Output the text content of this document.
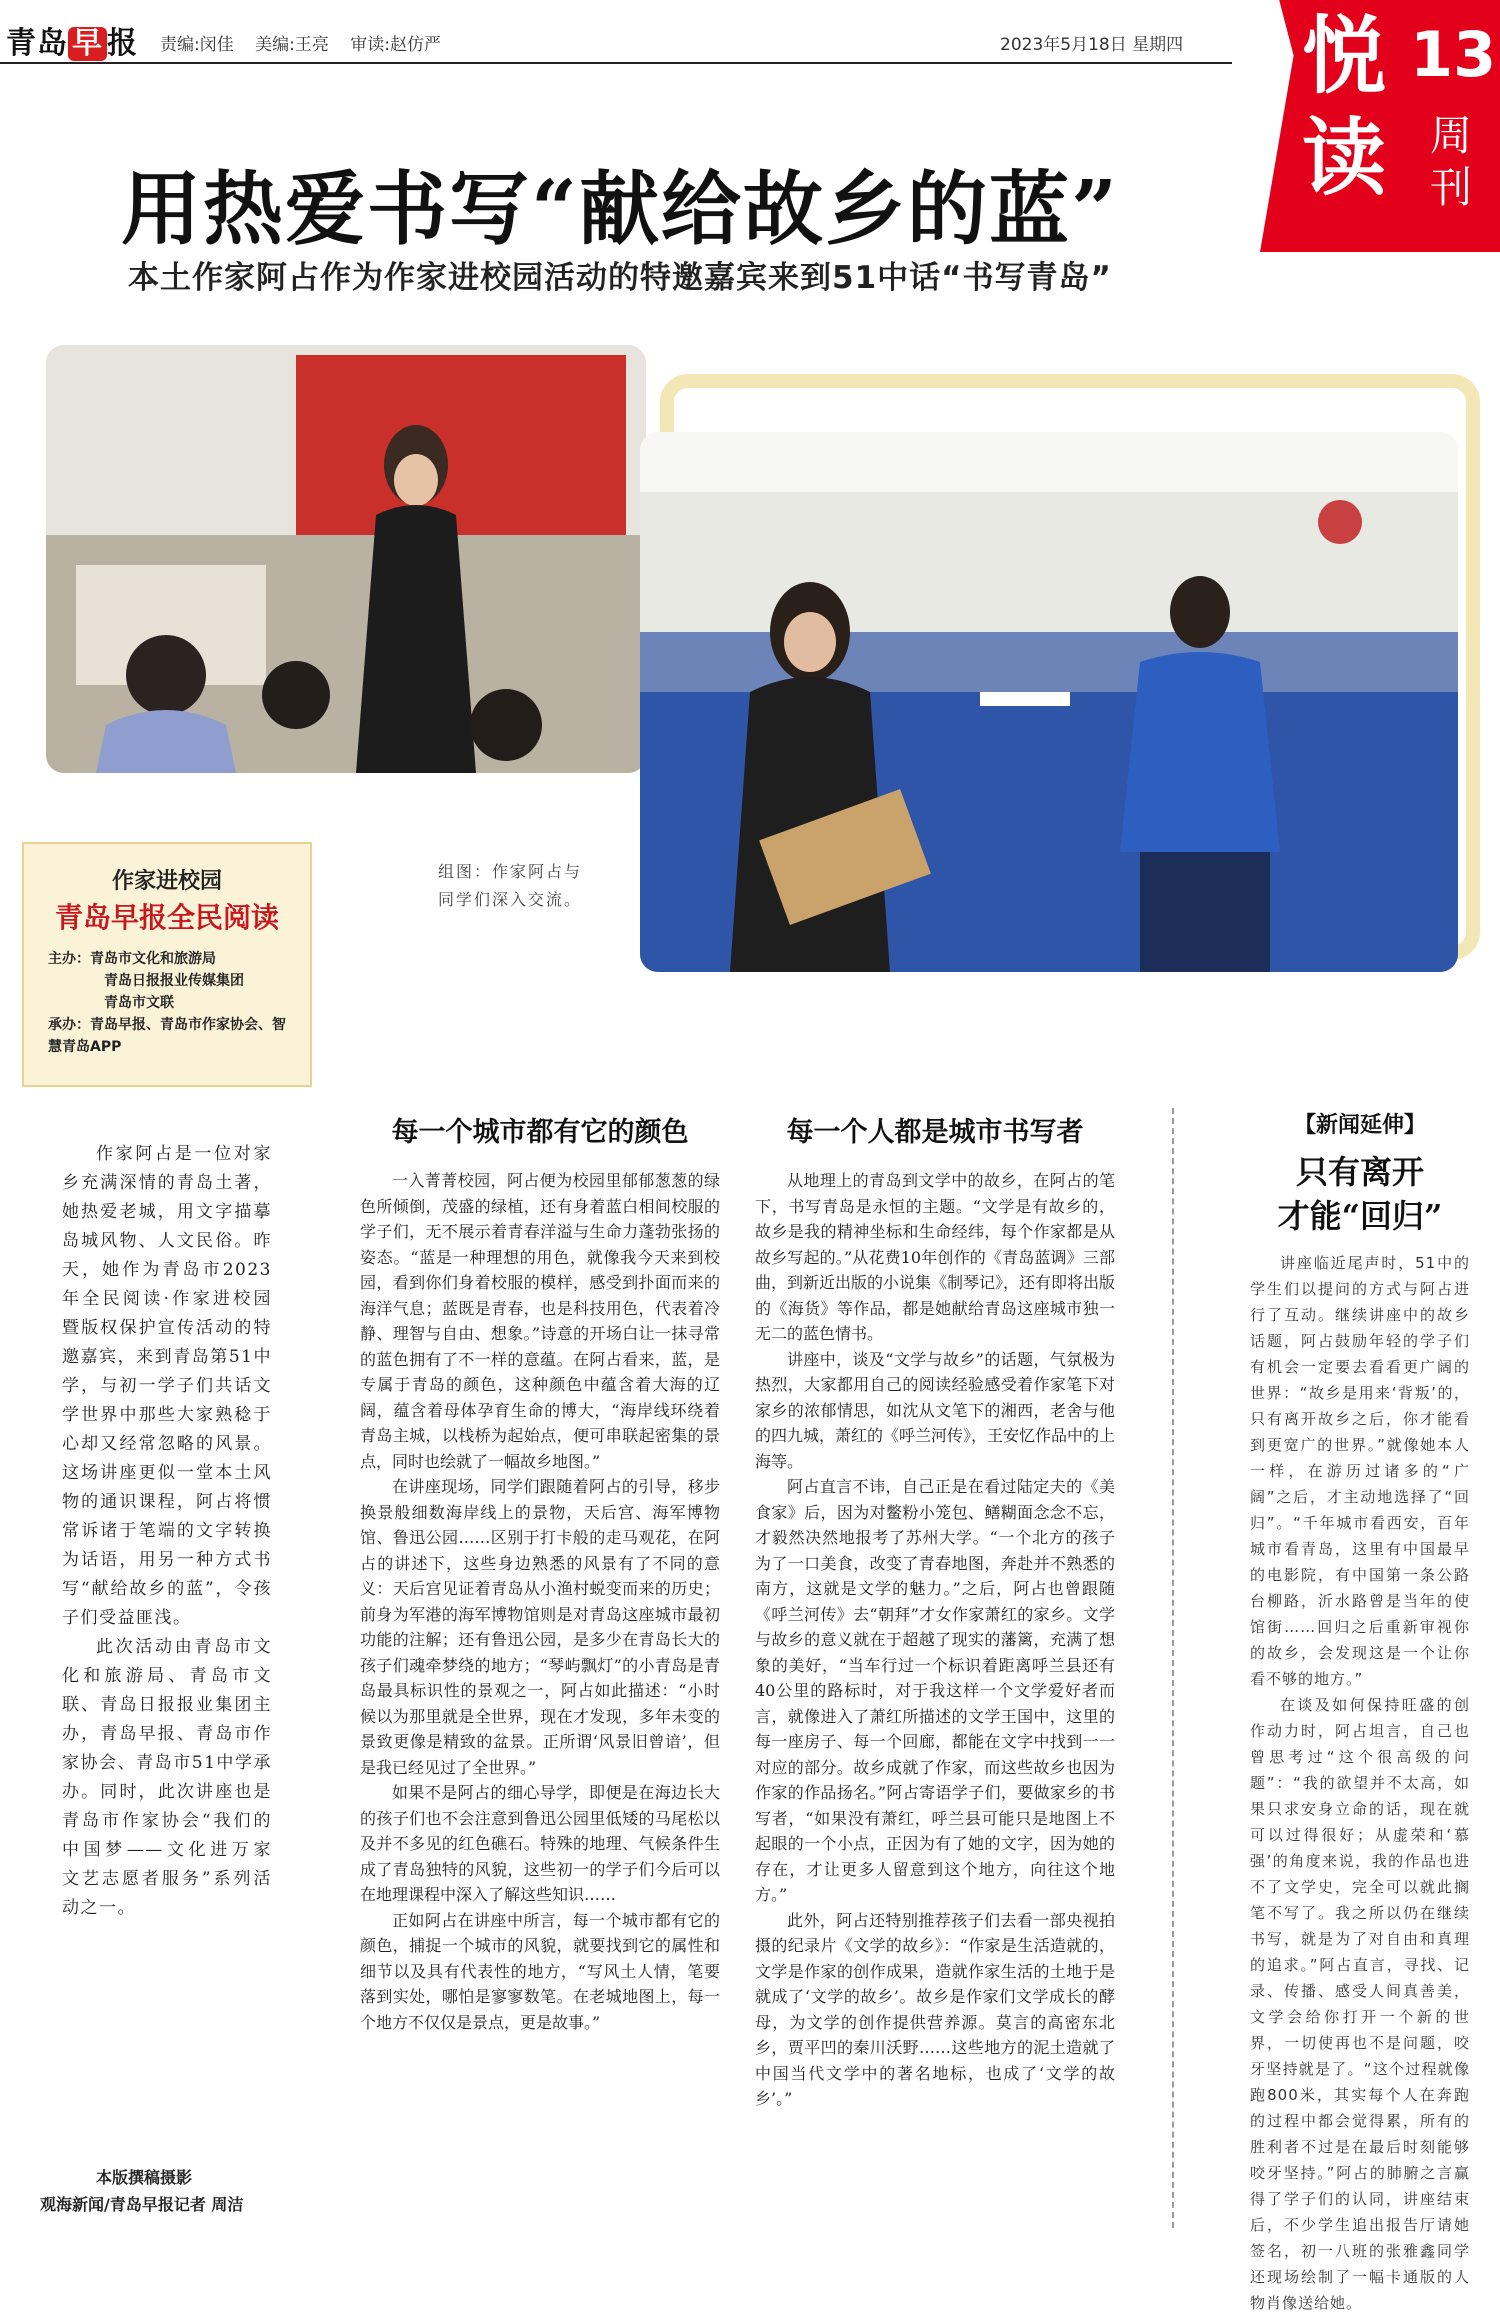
青岛 早 报	责编:闵佳 美编:王亮 审读:赵仿严	2023年5月18日 星期四 悦
读
13
周刊
用热爱书写“献给故乡的蓝”
本土作家阿占作为作家进校园活动的特邀嘉宾来到51中话“书写青岛”
组图：作家阿占与同学们深入交流。
作家进校园
青岛早报全民阅读
主办：青岛市文化和旅游局
青岛日报报业传媒集团
青岛市文联
承办：青岛早报、青岛市作家协会、智慧青岛APP

作家阿占是一位对家乡充满深情的青岛土著，她热爱老城，用文字描摹岛城风物、人文民俗。昨天，她作为青岛市2023年全民阅读·作家进校园暨版权保护宣传活动的特邀嘉宾，来到青岛第51中学，与初一学子们共话文学世界中那些大家熟稔于心却又经常忽略的风景。这场讲座更似一堂本土风物的通识课程，阿占将惯常诉诸于笔端的文字转换为话语，用另一种方式书写“献给故乡的蓝”，令孩子们受益匪浅。

此次活动由青岛市文化和旅游局、青岛市文联、青岛日报报业集团主办，青岛早报、青岛市作家协会、青岛市51中学承办。同时，此次讲座也是青岛市作家协会“我们的中国梦——文化进万家 文艺志愿者服务”系列活动之一。

每一个城市都有它的颜色

一入菁菁校园，阿占便为校园里郁郁葱葱的绿色所倾倒，茂盛的绿植，还有身着蓝白相间校服的学子们，无不展示着青春洋溢与生命力蓬勃张扬的姿态。“蓝是一种理想的用色，就像我今天来到校园，看到你们身着校服的模样，感受到扑面而来的海洋气息；蓝既是青春，也是科技用色，代表着冷静、理智与自由、想象。”诗意的开场白让一抹寻常的蓝色拥有了不一样的意蕴。在阿占看来，蓝，是专属于青岛的颜色，这种颜色中蕴含着大海的辽阔，蕴含着母体孕育生命的博大，“海岸线环绕着青岛主城，以栈桥为起始点，便可串联起密集的景点，同时也绘就了一幅故乡地图。”

在讲座现场，同学们跟随着阿占的引导，移步换景般细数海岸线上的景物，天后宫、海军博物馆、鲁迅公园……区别于打卡般的走马观花，在阿占的讲述下，这些身边熟悉的风景有了不同的意义：天后宫见证着青岛从小渔村蜕变而来的历史；前身为军港的海军博物馆则是对青岛这座城市最初功能的注解；还有鲁迅公园，是多少在青岛长大的孩子们魂牵梦绕的地方；“琴屿飘灯”的小青岛是青岛最具标识性的景观之一，阿占如此描述：“小时候以为那里就是全世界，现在才发现，多年未变的景致更像是精致的盆景。正所谓‘风景旧曾谙’，但是我已经见过了全世界。”

如果不是阿占的细心导学，即便是在海边长大的孩子们也不会注意到鲁迅公园里低矮的马尾松以及并不多见的红色礁石。特殊的地理、气候条件生成了青岛独特的风貌，这些初一的学子们今后可以在地理课程中深入了解这些知识……

正如阿占在讲座中所言，每一个城市都有它的颜色，捕捉一个城市的风貌，就要找到它的属性和细节以及具有代表性的地方，“写风土人情，笔要落到实处，哪怕是寥寥数笔。在老城地图上，每一个地方不仅仅是景点，更是故事。”

每一个人都是城市书写者

从地理上的青岛到文学中的故乡，在阿占的笔下，书写青岛是永恒的主题。“文学是有故乡的，故乡是我的精神坐标和生命经纬，每个作家都是从故乡写起的。”从花费10年创作的《青岛蓝调》三部曲，到新近出版的小说集《制琴记》，还有即将出版的《海货》等作品，都是她献给青岛这座城市独一无二的蓝色情书。

讲座中，谈及“文学与故乡”的话题，气氛极为热烈，大家都用自己的阅读经验感受着作家笔下对家乡的浓郁情思，如沈从文笔下的湘西，老舍与他的四九城，萧红的《呼兰河传》，王安忆作品中的上海等。

阿占直言不讳，自己正是在看过陆定夫的《美食家》后，因为对鳖粉小笼包、鳝糊面念念不忘，才毅然决然地报考了苏州大学。“一个北方的孩子为了一口美食，改变了青春地图，奔赴并不熟悉的南方，这就是文学的魅力。”之后，阿占也曾跟随《呼兰河传》去“朝拜”才女作家萧红的家乡。文学与故乡的意义就在于超越了现实的藩篱，充满了想象的美好，“当车行过一个标识着距离呼兰县还有40公里的路标时，对于我这样一个文学爱好者而言，就像进入了萧红所描述的文学王国中，这里的每一座房子、每一个回廊，都能在文字中找到一一对应的部分。故乡成就了作家，而这些故乡也因为作家的作品扬名。”阿占寄语学子们，要做家乡的书写者，“如果没有萧红，呼兰县可能只是地图上不起眼的一个小点，正因为有了她的文字，因为她的存在，才让更多人留意到这个地方，向往这个地方。”

此外，阿占还特别推荐孩子们去看一部央视拍摄的纪录片《文学的故乡》：“作家是生活造就的，文学是作家的创作成果，造就作家生活的土地于是就成了‘文学的故乡’。故乡是作家们文学成长的酵母，为文学的创作提供营养源。莫言的高密东北乡，贾平凹的秦川沃野……这些地方的泥土造就了中国当代文学中的著名地标，也成了‘文学的故乡’。”

【新闻延伸】
只有离开
才能“回归”

讲座临近尾声时，51中的学生们以提问的方式与阿占进行了互动。继续讲座中的故乡话题，阿占鼓励年轻的学子们有机会一定要去看看更广阔的世界：“故乡是用来‘背叛’的，只有离开故乡之后，你才能看到更宽广的世界。”就像她本人一样，在游历过诸多的“广阔”之后，才主动地选择了“回归”。“千年城市看西安，百年城市看青岛，这里有中国最早的电影院，有中国第一条公路台柳路，沂水路曾是当年的使馆街……回归之后重新审视你的故乡，会发现这是一个让你看不够的地方。”

在谈及如何保持旺盛的创作动力时，阿占坦言，自己也曾思考过“这个很高级的问题”：“我的欲望并不太高，如果只求安身立命的话，现在就可以过得很好；从虚荣和‘慕强’的角度来说，我的作品也进不了文学史，完全可以就此搁笔不写了。我之所以仍在继续书写，就是为了对自由和真理的追求。”阿占直言，寻找、记录、传播、感受人间真善美，文学会给你打开一个新的世界，一切使再也不是问题，咬牙坚持就是了。“这个过程就像跑800米，其实每个人在奔跑的过程中都会觉得累，所有的胜利者不过是在最后时刻能够咬牙坚持。”阿占的肺腑之言赢得了学子们的认同，讲座结束后，不少学生追出报告厅请她签名，初一八班的张雅鑫同学还现场绘制了一幅卡通版的人物肖像送给她。

本版撰稿摄影
观海新闻/青岛早报记者 周洁
